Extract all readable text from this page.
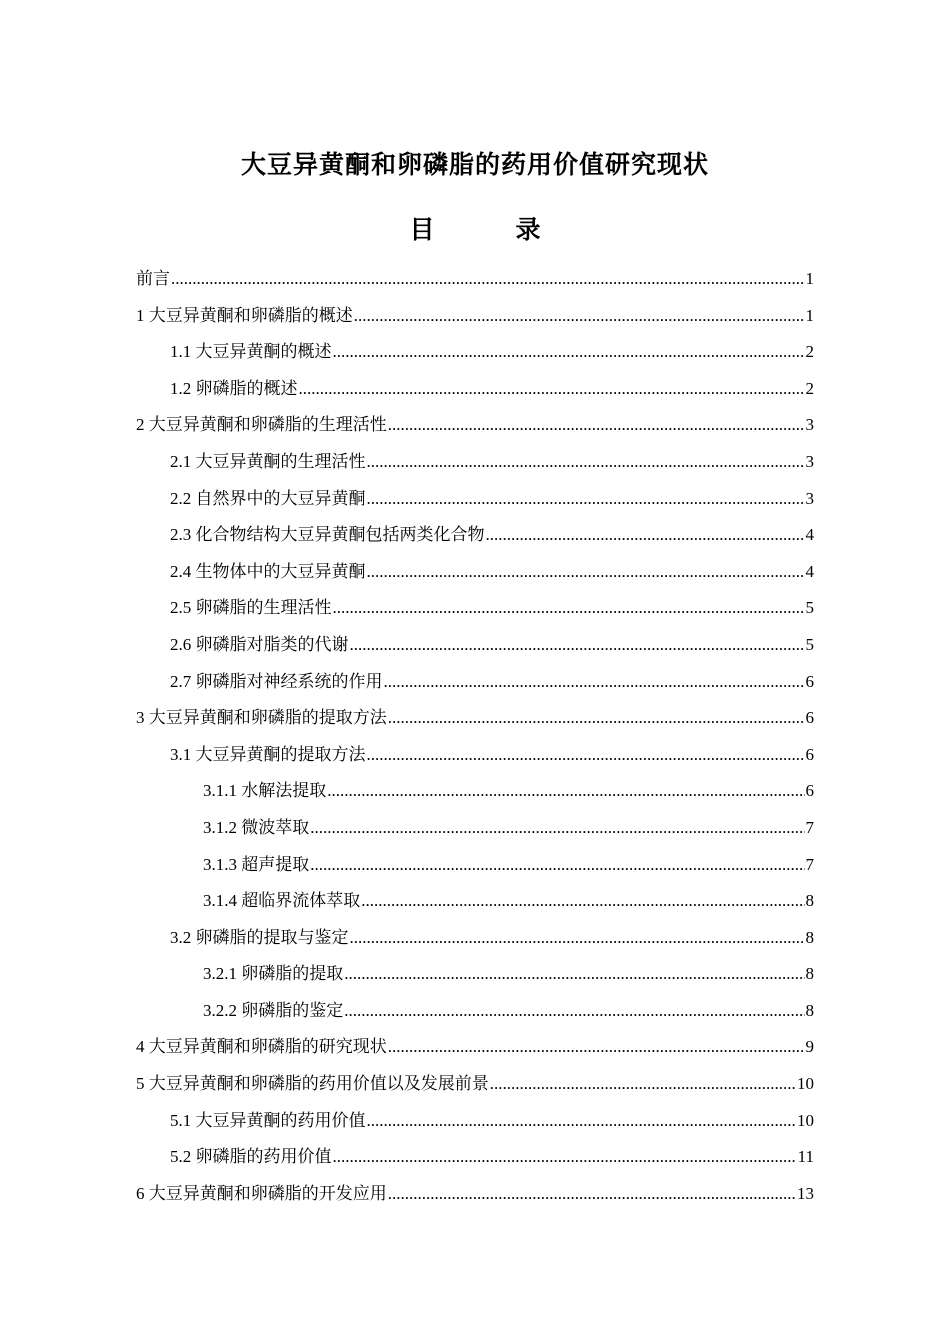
大豆异黄酮和卵磷脂的药用价值研究现状
目　录
前言 .....	1
1 大豆异黄酮和卵磷脂的概述 .....	1
1.1 大豆异黄酮的概述 .....	2
1.2 卵磷脂的概述 .....	2
2 大豆异黄酮和卵磷脂的生理活性 .....	3
2.1 大豆异黄酮的生理活性 .....	3
2.2 自然界中的大豆异黄酮 .....	3
2.3 化合物结构大豆异黄酮包括两类化合物 .....	4
2.4 生物体中的大豆异黄酮 .....	4
2.5 卵磷脂的生理活性 .....	5
2.6 卵磷脂对脂类的代谢 .....	5
2.7 卵磷脂对神经系统的作用 .....	6
3 大豆异黄酮和卵磷脂的提取方法 .....	6
3.1 大豆异黄酮的提取方法 .....	6
3.1.1 水解法提取 .....	6
3.1.2 微波萃取 .....	7
3.1.3 超声提取 .....	7
3.1.4 超临界流体萃取 .....	8
3.2 卵磷脂的提取与鉴定 .....	8
3.2.1 卵磷脂的提取 .....	8
3.2.2 卵磷脂的鉴定 .....	8
4 大豆异黄酮和卵磷脂的研究现状 .....	9
5 大豆异黄酮和卵磷脂的药用价值以及发展前景 .....	10
5.1 大豆异黄酮的药用价值 .....	10
5.2 卵磷脂的药用价值 .....	11
6 大豆异黄酮和卵磷脂的开发应用 .....	13
